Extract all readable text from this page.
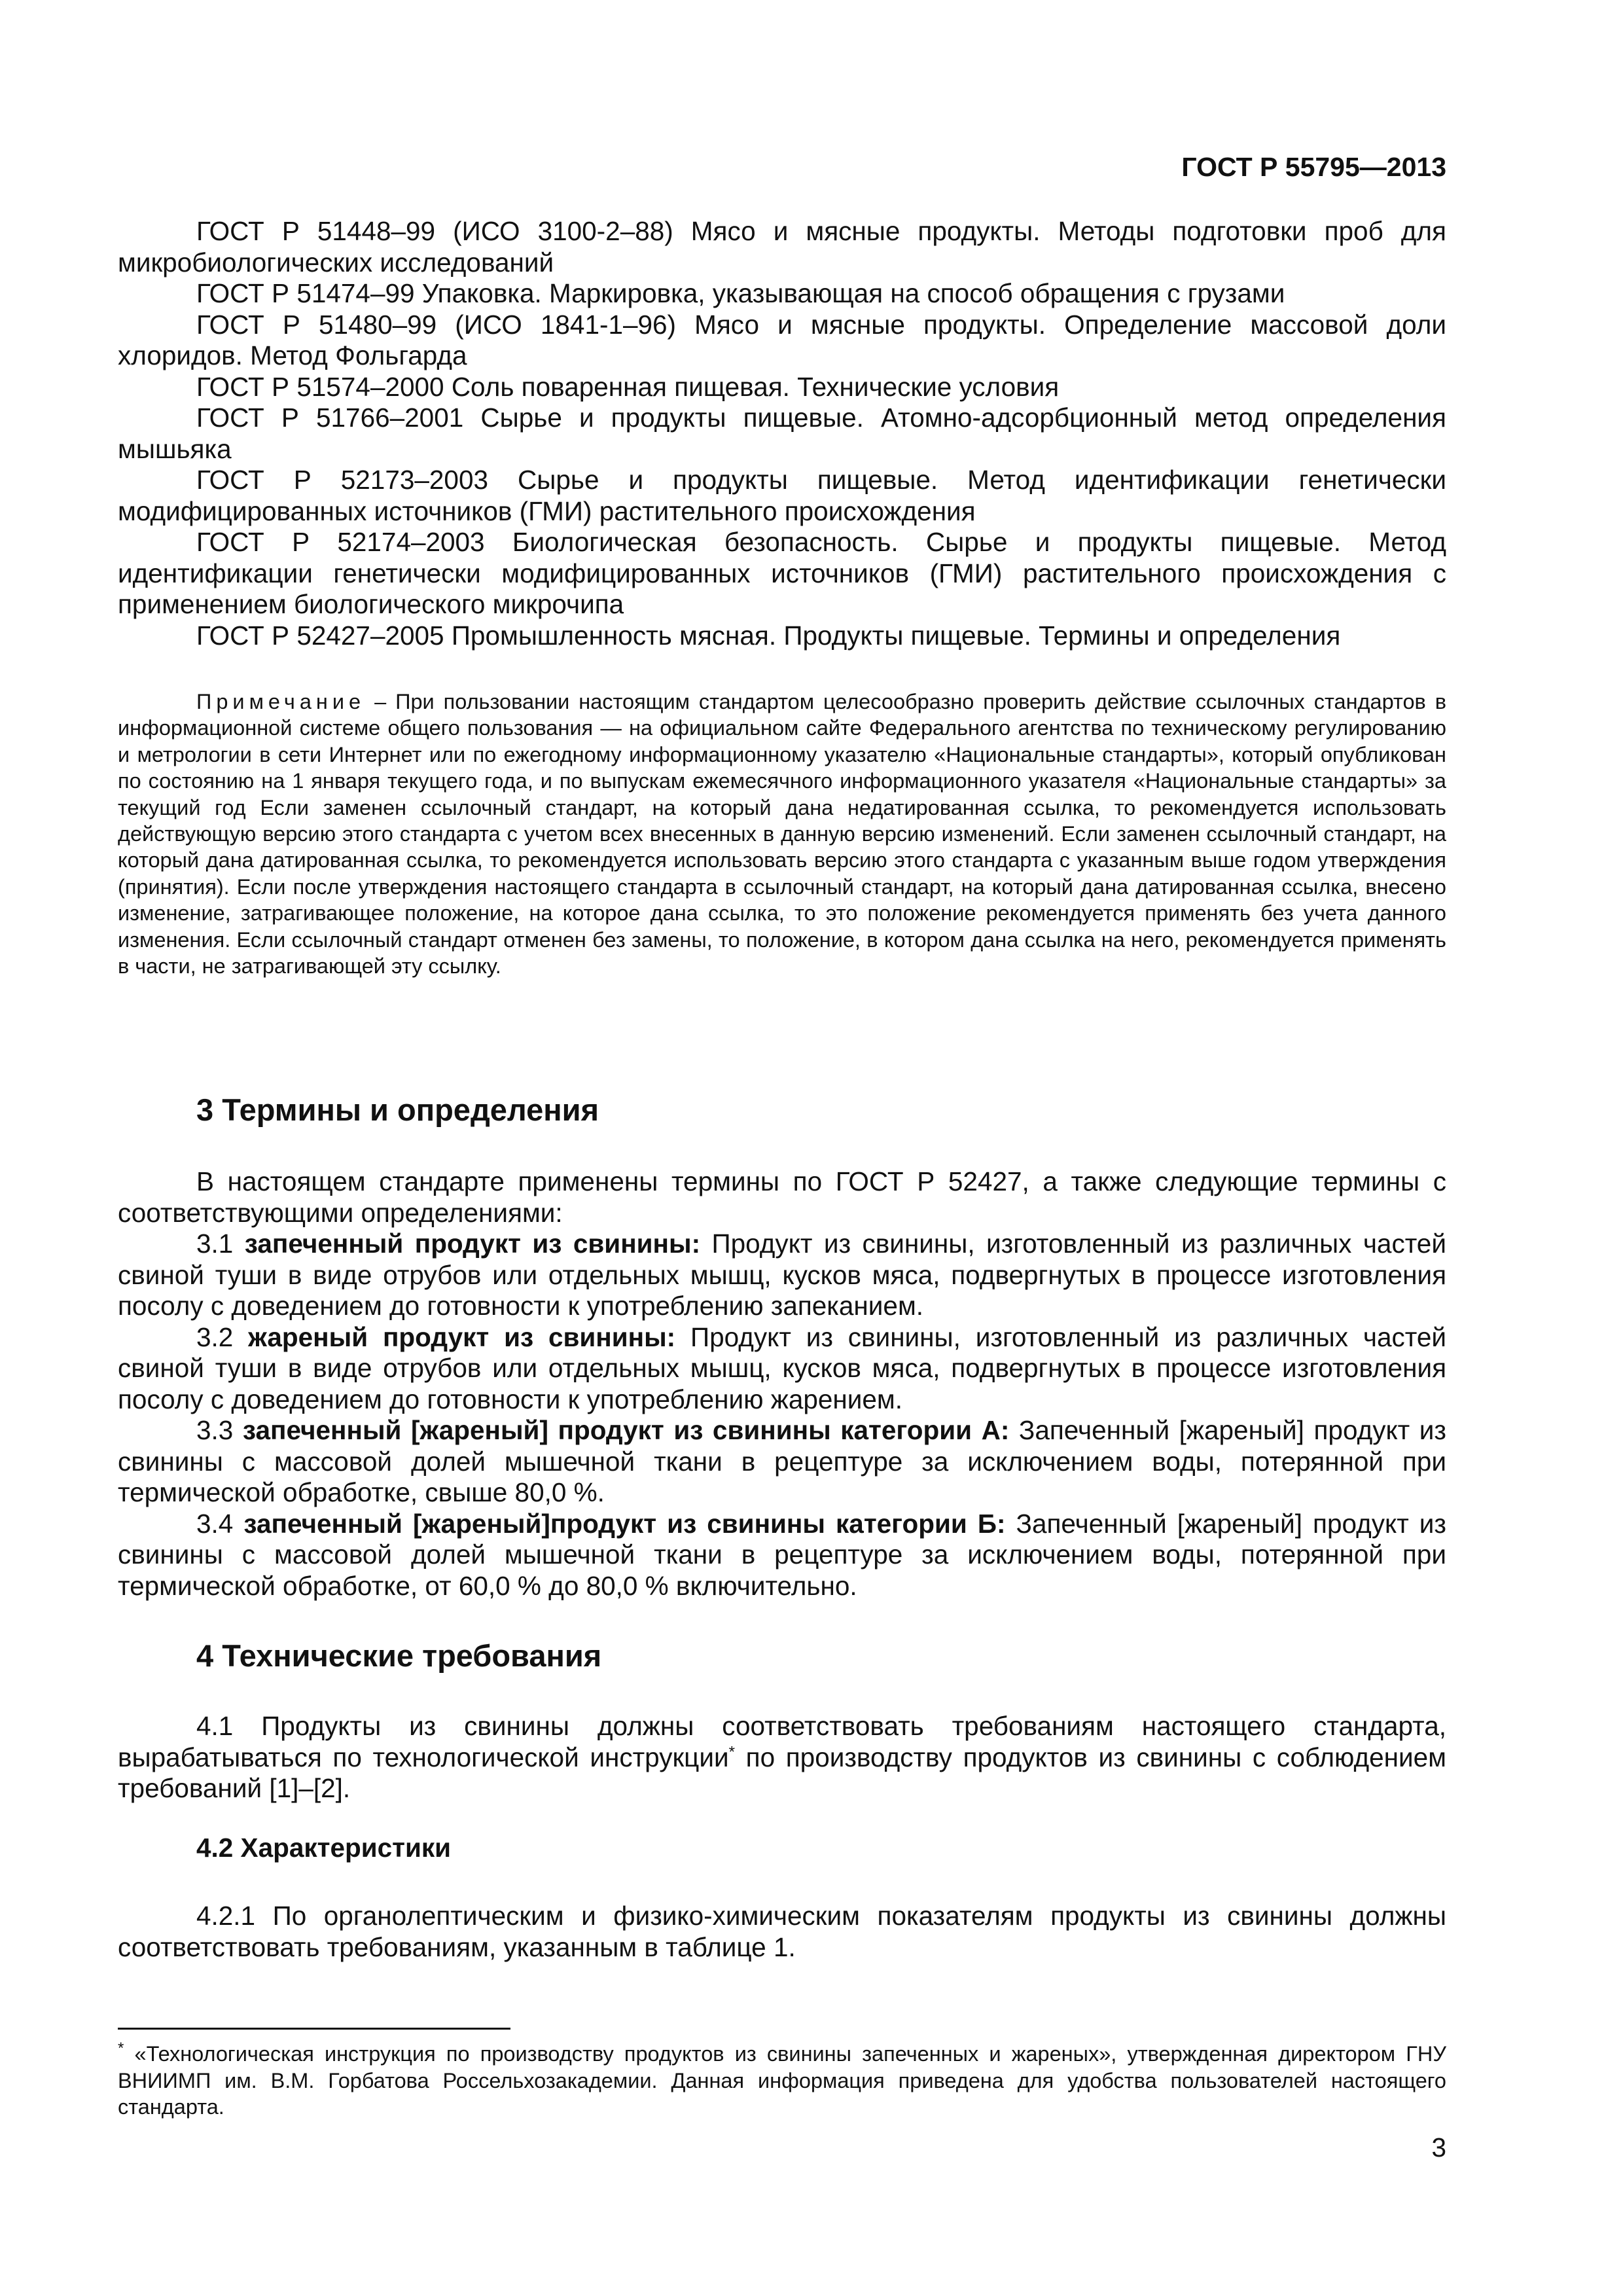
ГОСТ Р 55795—2013

ГОСТ Р 51448–99 (ИСО 3100-2–88) Мясо и мясные продукты. Методы подготовки проб для микробиологических исследований

ГОСТ Р 51474–99 Упаковка. Маркировка, указывающая на способ обращения с грузами

ГОСТ Р 51480–99 (ИСО 1841-1–96) Мясо и мясные продукты. Определение массовой доли хлоридов. Метод Фольгарда

ГОСТ Р 51574–2000 Соль поваренная пищевая. Технические условия

ГОСТ Р 51766–2001 Сырье и продукты пищевые. Атомно-адсорбционный метод определения мышьяка

ГОСТ Р 52173–2003 Сырье и продукты пищевые. Метод идентификации генетически модифицированных источников (ГМИ) растительного происхождения

ГОСТ Р 52174–2003 Биологическая безопасность. Сырье и продукты пищевые. Метод идентификации генетически модифицированных источников (ГМИ) растительного происхождения с применением биологического микрочипа

ГОСТ Р 52427–2005 Промышленность мясная. Продукты пищевые. Термины и определения

Примечание – При пользовании настоящим стандартом целесообразно проверить действие ссылочных стандартов в информационной системе общего пользования — на официальном сайте Федерального агентства по техническому регулированию и метрологии в сети Интернет или по ежегодному информационному указателю «Национальные стандарты», который опубликован по состоянию на 1 января текущего года, и по выпускам ежемесячного информационного указателя «Национальные стандарты» за текущий год Если заменен ссылочный стандарт, на который дана недатированная ссылка, то рекомендуется использовать действующую версию этого стандарта с учетом всех внесенных в данную версию изменений. Если заменен ссылочный стандарт, на который дана датированная ссылка, то рекомендуется использовать версию этого стандарта с указанным выше годом утверждения (принятия). Если после утверждения настоящего стандарта в ссылочный стандарт, на который дана датированная ссылка, внесено изменение, затрагивающее положение, на которое дана ссылка, то это положение рекомендуется применять без учета данного изменения. Если ссылочный стандарт отменен без замены, то положение, в котором дана ссылка на него, рекомендуется применять в части, не затрагивающей эту ссылку.

3 Термины и определения

В настоящем стандарте применены термины по ГОСТ Р 52427, а также следующие термины с соответствующими определениями:

3.1 запеченный продукт из свинины: Продукт из свинины, изготовленный из различных частей свиной туши в виде отрубов или отдельных мышц, кусков мяса, подвергнутых в процессе изготовления посолу с доведением до готовности к употреблению запеканием.

3.2 жареный продукт из свинины: Продукт из свинины, изготовленный из различных частей свиной туши в виде отрубов или отдельных мышц, кусков мяса, подвергнутых в процессе изготовления посолу с доведением до готовности к употреблению жарением.

3.3 запеченный [жареный] продукт из свинины категории А: Запеченный [жареный] продукт из свинины с массовой долей мышечной ткани в рецептуре за исключением воды, потерянной при термической обработке, свыше 80,0 %.

3.4 запеченный [жареный]продукт из свинины категории Б: Запеченный [жареный] продукт из свинины с массовой долей мышечной ткани в рецептуре за исключением воды, потерянной при термической обработке, от 60,0 % до 80,0 % включительно.

4 Технические требования

4.1 Продукты из свинины должны соответствовать требованиям настоящего стандарта, вырабатываться по технологической инструкции* по производству продуктов из свинины с соблюдением требований [1]–[2].

4.2 Характеристики

4.2.1 По органолептическим и физико-химическим показателям продукты из свинины должны соответствовать требованиям, указанным в таблице 1.

* «Технологическая инструкция по производству продуктов из свинины запеченных и жареных», утвержденная директором ГНУ ВНИИМП им. В.М. Горбатова Россельхозакадемии. Данная информация приведена для удобства пользователей настоящего стандарта.

3
